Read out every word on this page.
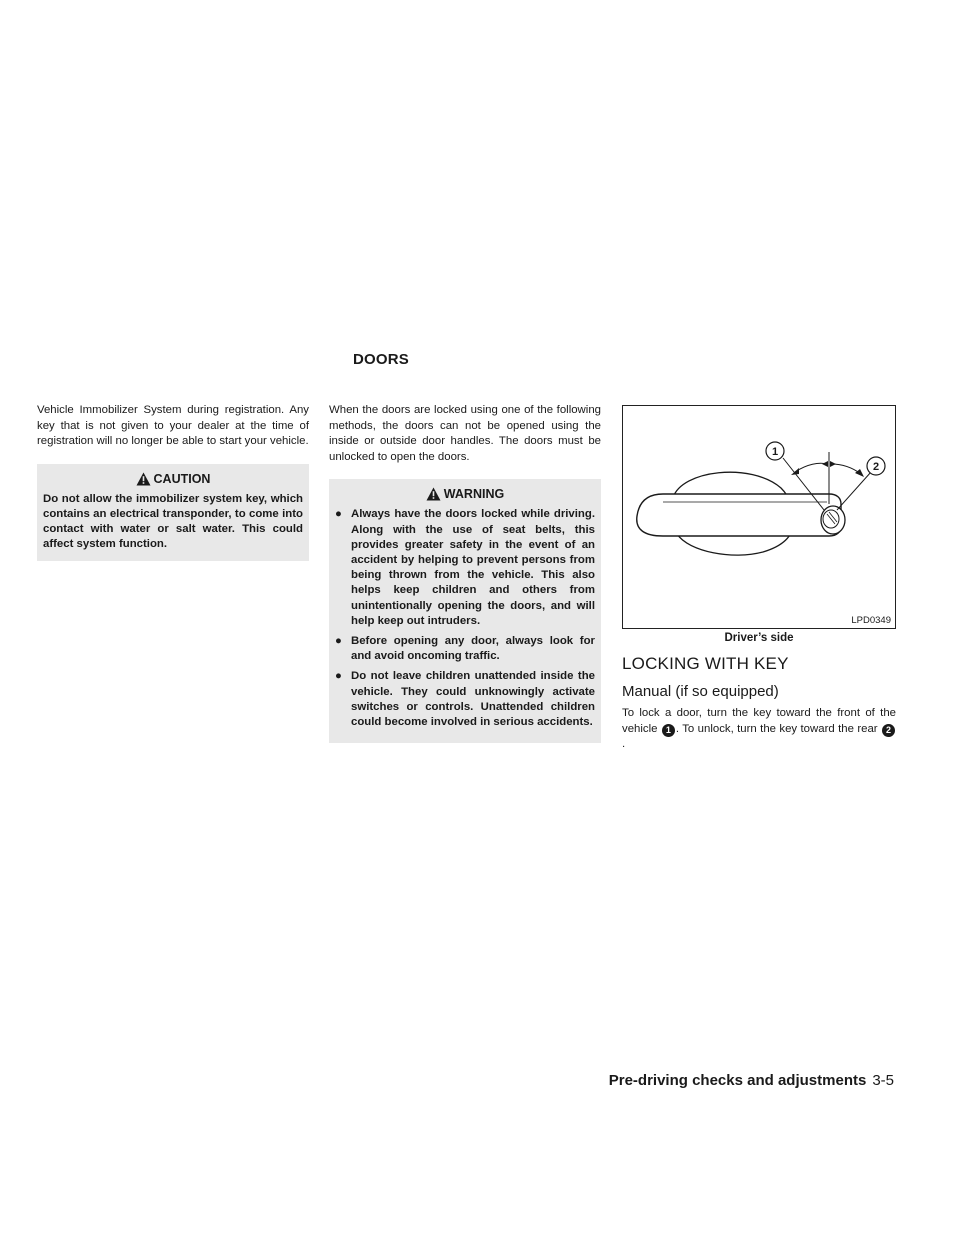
DOORS

Vehicle Immobilizer System during registration. Any key that is not given to your dealer at the time of registration will no longer be able to start your vehicle.

CAUTION
Do not allow the immobilizer system key, which contains an electrical transponder, to come into contact with water or salt water. This could affect system function.

When the doors are locked using one of the following methods, the doors can not be opened using the inside or outside door handles. The doors must be unlocked to open the doors.

WARNING
● Always have the doors locked while driving. Along with the use of seat belts, this provides greater safety in the event of an accident by helping to prevent persons from being thrown from the vehicle. This also helps keep children and others from unintentionally opening the doors, and will help keep out intruders.
● Before opening any door, always look for and avoid oncoming traffic.
● Do not leave children unattended inside the vehicle. They could unknowingly activate switches or controls. Unattended children could become involved in serious accidents.
1
2
LPD0349
Driver’s side
LOCKING WITH KEY
Manual (if so equipped)

To lock a door, turn the key toward the front of the vehicle 1 . To unlock, turn the key toward the rear 2.

Pre-driving checks and adjustments 3-5
